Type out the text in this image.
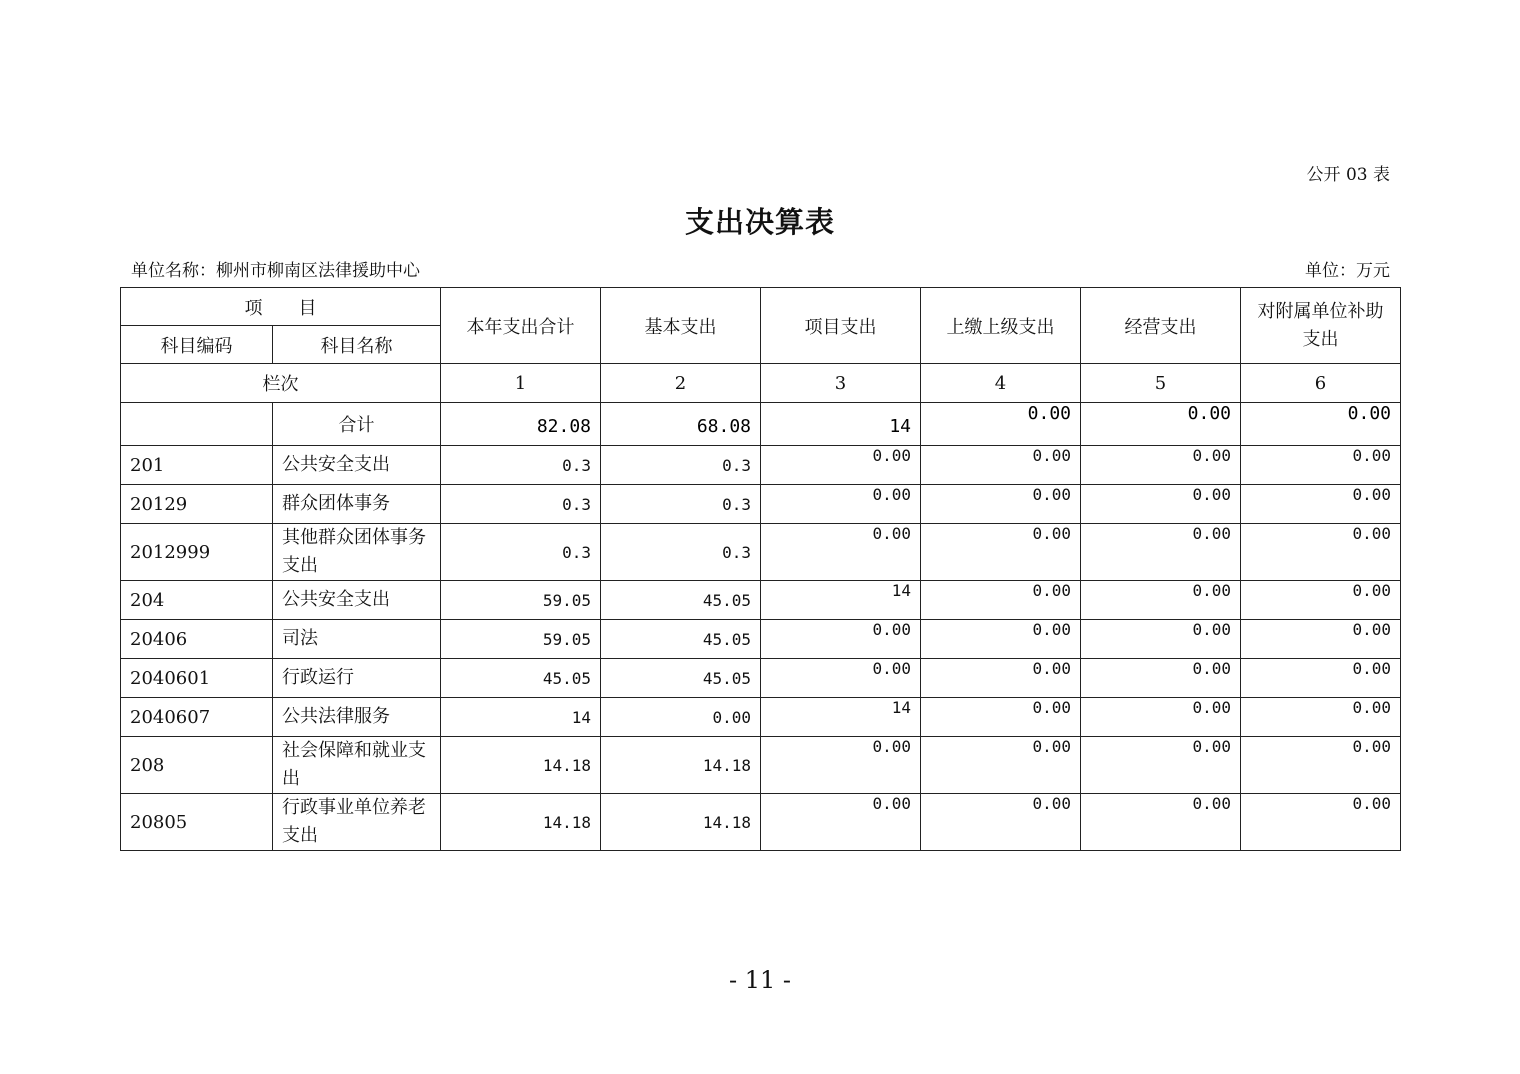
公开 03 表
支出决算表
单位名称：柳州市柳南区法律援助中心	单位：万元
项　　目		本年支出合计	基本支出	项目支出	上缴上级支出	经营支出	对附属单位补助支出
科目编码	科目名称						
栏次		1	2	3	4	5	6
	合计	82.08	68.08	14	0.00	0.00	0.00
201	公共安全支出	0.3	0.3	0.00	0.00	0.00	0.00
20129	群众团体事务	0.3	0.3	0.00	0.00	0.00	0.00
2012999	其他群众团体事务支出	0.3	0.3	0.00	0.00	0.00	0.00
204	公共安全支出	59.05	45.05	14	0.00	0.00	0.00
20406	司法	59.05	45.05	0.00	0.00	0.00	0.00
2040601	行政运行	45.05	45.05	0.00	0.00	0.00	0.00
2040607	公共法律服务	14	0.00	14	0.00	0.00	0.00
208	社会保障和就业支出	14.18	14.18	0.00	0.00	0.00	0.00
20805	行政事业单位养老支出	14.18	14.18	0.00	0.00	0.00	0.00
- 11 -
